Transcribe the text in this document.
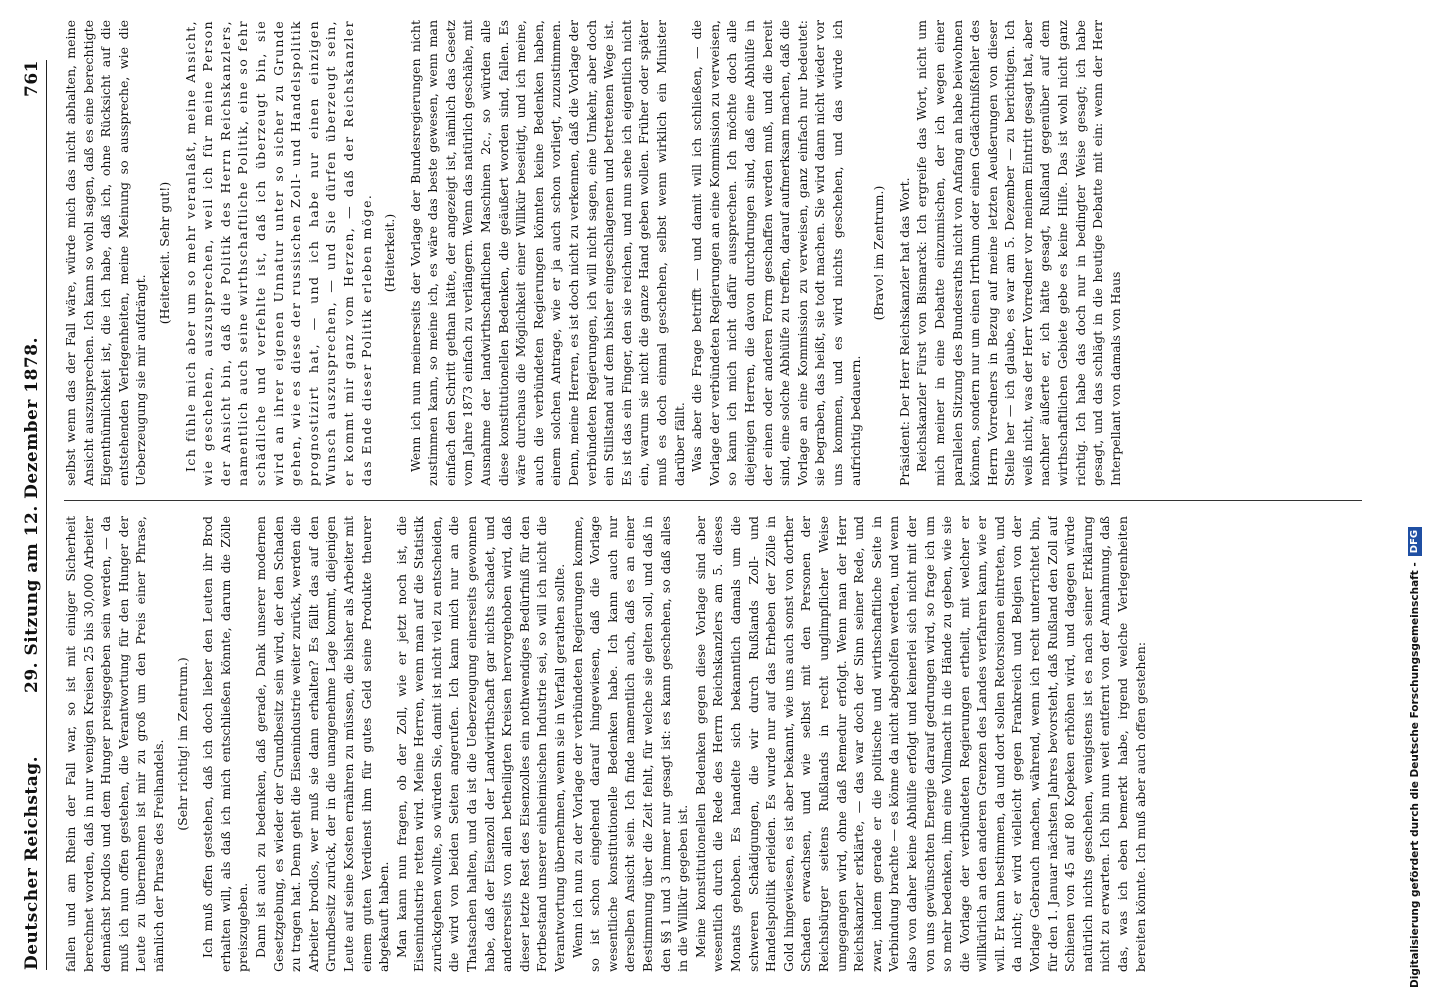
Deutscher Reichstag.
29. Sitzung am 12. Dezember 1878.
761

fallen und am Rhein der Fall war, so ist mit einiger Sicherheit berechnet worden, daß in nur wenigen Kreisen 25 bis 30,000 Arbeiter dennächst brodlos und dem Hunger preisgegeben sein werden, — da muß ich nun offen gestehen, die Verantwortung für den Hunger der Leute zu übernehmen ist mir zu groß um den Preis einer Phrase, nämlich der Phrase des Freihandels. (Sehr richtig! im Zentrum.) Ich muß offen gestehen, daß ich doch lieber den Leuten ihr Brod erhalten will, als daß ich mich entschließen könnte, darum die Zölle preiszugeben. Dann ist auch zu bedenken, daß gerade, Dank unserer modernen Gesetzgebung, es wieder der Grundbesitz sein wird, der den Schaden zu tragen hat. Denn geht die Eisenindustrie weiter zurück, werden die Arbeiter brodlos, wer muß sie dann erhalten? Es fällt das auf den Grundbesitz zurück, der in die unangenehme Lage kommt, diejenigen Leute auf seine Kosten ernähren zu müssen, die bisher als Arbeiter mit einem guten Verdienst ihm für gutes Geld seine Produkte theurer abgekauft haben. Man kann nun fragen, ob der Zoll, wie er jetzt noch ist, die Eisenindustrie retten wird. Meine Herren, wenn man auf die Statistik zurückgehen wollte, so würden Sie, damit ist nicht viel zu entscheiden, die wird von beiden Seiten angerufen. Ich kann mich nur an die Thatsachen halten, und da ist die Ueberzeugung einerseits gewonnen habe, daß der Eisenzoll der Landwirthschaft gar nichts schadet, und andererseits von allen betheiligten Kreisen hervorgehoben wird, daß dieser letzte Rest des Eisenzolles ein nothwendiges Bedürfniß für den Fortbestand unserer einheimischen Industrie sei, so will ich nicht die Verantwortung übernehmen, wenn sie in Verfall gerathen sollte. Wenn ich nun zu der Vorlage der verbündeten Regierungen komme, so ist schon eingehend darauf hingewiesen, daß die Vorlage wesentliche konstitutionelle Bedenken habe. Ich kann auch nur derselben Ansicht sein. Ich finde namentlich auch, daß es an einer Bestimmung über die Zeit fehlt, für welche sie gelten soll, und daß in den §§ 1 und 3 immer nur gesagt ist: es kann geschehen, so daß alles in die Willkür gegeben ist. Meine konstitutionellen Bedenken gegen diese Vorlage sind aber wesentlich durch die Rede des Herrn Reichskanzlers am 5. dieses Monats gehoben. Es handelte sich bekanntlich damals um die schweren Schädigungen, die wir durch Rußlands Zoll- und Handelspolitik erleiden. Es wurde nur auf das Erheben der Zölle in Gold hingewiesen, es ist aber bekannt, wie uns auch sonst von dorther Schaden erwachsen, und wie selbst mit den Personen der Reichsbürger seitens Rußlands in recht unglimpflicher Weise umgegangen wird, ohne daß Remedur erfolgt. Wenn man der Herr Reichskanzler erklärte, — das war doch der Sinn seiner Rede, und zwar, indem gerade er die politische und wirthschaftliche Seite in Verbindung brachte — es könne da nicht abgeholfen werden, und wenn also von daher keine Abhülfe erfolgt und keinerlei sich nicht mit der von uns gewünschten Energie darauf gedrungen wird, so frage ich um so mehr bedenken, ihm eine Vollmacht in die Hände zu geben, wie sie die Vorlage der verbündeten Regierungen ertheilt, mit welcher er willkürlich an den anderen Grenzen des Landes verfahren kann, wie er will. Er kann bestimmen, da und dort sollen Retorsionen eintreten, und da nicht; er wird vielleicht gegen Frankreich und Belgien von der Vorlage Gebrauch machen, während, wenn ich recht unterrichtet bin, für den 1. Januar nächsten Jahres bevorsteht, daß Rußland den Zoll auf Schienen von 45 auf 80 Kopeken erhöhen wird, und dagegen würde natürlich nichts geschehen, wenigstens ist es nach seiner Erklärung nicht zu erwarten. Ich bin nun weit entfernt von der Annahmung, daß das, was ich eben bemerkt habe, irgend welche Verlegenheiten bereiten könnte. Ich muß aber auch offen gestehen:

selbst wenn das der Fall wäre, würde mich das nicht abhalten, meine Ansicht auszusprechen. Ich kann so wohl sagen, daß es eine berechtigte Eigenthümlichkeit ist, die ich habe, daß ich, ohne Rücksicht auf die entstehenden Verlegenheiten, meine Meinung so ausspreche, wie die Ueberzeugung sie mir aufdrängt.

(Heiterkeit. Sehr gut!) Ich fühle mich aber um so mehr veranlaßt, meine Ansicht, wie geschehen, auszusprechen, weil ich für meine Person der Ansicht bin, daß die Politik des Herrn Reichskanzlers, namentlich auch seine wirthschaftliche Politik, eine so fehr schädliche und verfehlte ist, daß ich überzeugt bin, sie wird an ihrer eigenen Unnatur unter so sicher zu Grunde gehen, wie es diese der russischen Zoll- und Handelspolitik prognostizirt hat, — und ich habe nur einen einzigen Wunsch auszusprechen, — und Sie dürfen überzeugt sein, er kommt mir ganz vom Herzen, — daß der Reichskanzler das Ende dieser Politik erleben möge. (Heiterkeit.) Wenn ich nun meinerseits der Vorlage der Bundesregierungen nicht zustimmen kann, so meine ich, es wäre das beste gewesen, wenn man einfach den Schritt gethan hätte, der angezeigt ist, nämlich das Gesetz vom Jahre 1873 einfach zu verlängern. Wenn das natürlich geschähe, mit Ausnahme der landwirthschaftlichen Maschinen 2c., so würden alle diese konstitutionellen Bedenken, die geäußert worden sind, fallen. Es wäre durchaus die Möglichkeit einer Willkür beseitigt, und ich meine, auch die verbündeten Regierungen könnten keine Bedenken haben, einem solchen Antrage, wie er ja auch schon vorliegt, zuzustimmen. Denn, meine Herren, es ist doch nicht zu verkennen, daß die Vorlage der verbündeten Regierungen, ich will nicht sagen, eine Umkehr, aber doch ein Stillstand auf dem bisher eingeschlagenen und betretenen Wege ist. Es ist das ein Finger, den sie reichen, und nun sehe ich eigentlich nicht ein, warum sie nicht die ganze Hand geben wollen. Früher oder später muß es doch einmal geschehen, selbst wenn wirklich ein Minister darüber fällt. Was aber die Frage betrifft — und damit will ich schließen, — die Vorlage der verbündeten Regierungen an eine Kommission zu verweisen, so kann ich mich nicht dafür aussprechen. Ich möchte doch alle diejenigen Herren, die davon durchdrungen sind, daß eine Abhülfe in der einen oder anderen Form geschaffen werden muß, und die bereit sind, eine solche Abhülfe zu treffen, darauf aufmerksam machen, daß die Vorlage an eine Kommission zu verweisen, ganz einfach nur bedeutet: sie begraben, das heißt, sie todt machen. Sie wird dann nicht wieder vor uns kommen, und es wird nichts geschehen, und das würde ich aufrichtig bedauern.

(Bravo! im Zentrum.) Präsident: Der Herr Reichskanzler hat das Wort. Reichskanzler Fürst von Bismarck: Ich ergreife das Wort, nicht um mich meiner in eine Debatte einzumischen, der ich wegen einer parallelen Sitzung des Bundesraths nicht von Anfang an habe beiwohnen können, sondern nur um einen Irrthum oder einen Gedächtnißfehler des Herrn Vorredners in Bezug auf meine letzten Aeußerungen von dieser Stelle her — ich glaube, es war am 5. Dezember — zu berichtigen. Ich weiß nicht, was der Herr Vorredner vor meinem Eintritt gesagt hat, aber nachher äußerte er, ich hätte gesagt, Rußland gegenüber auf dem wirthschaftlichen Gebiete gebe es keine Hilfe. Das ist wohl nicht ganz richtig. Ich habe das doch nur in bedingter Weise gesagt; ich habe gesagt, und das schlägt in die heutige Debatte mit ein: wenn der Herr Interpellant von damals von Haus

Digitalisierung gefördert durch die Deutsche Forschungsgemeinschaft -DFG
